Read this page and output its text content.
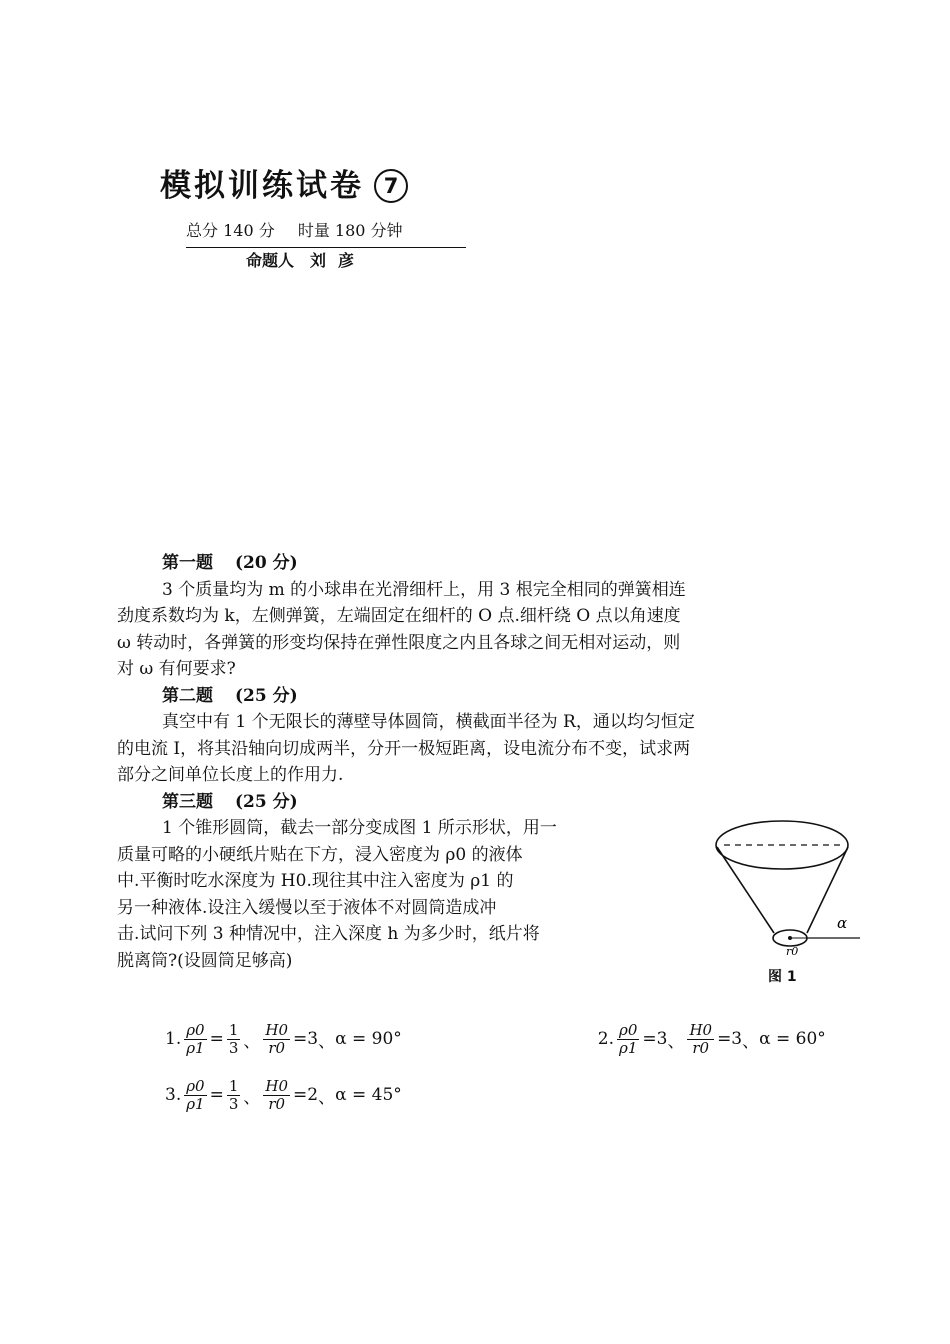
模拟训练试卷 7
总分 140 分 时量 180 分钟
命题人 刘彦

第一题 (20 分)

3 个质量均为 m 的小球串在光滑细杆上，用 3 根完全相同的弹簧相连

劲度系数均为 k，左侧弹簧，左端固定在细杆的 O 点.细杆绕 O 点以角速度

ω 转动时，各弹簧的形变均保持在弹性限度之内且各球之间无相对运动，则

对 ω 有何要求?

第二题 (25 分)

真空中有 1 个无限长的薄壁导体圆筒，横截面半径为 R，通以均匀恒定

的电流 I，将其沿轴向切成两半，分开一极短距离，设电流分布不变，试求两

部分之间单位长度上的作用力.

第三题 (25 分)

1 个锥形圆筒，截去一部分变成图 1 所示形状，用一

质量可略的小硬纸片贴在下方，浸入密度为 ρ0 的液体

中.平衡时吃水深度为 H0.现往其中注入密度为 ρ1 的

另一种液体.设注入缓慢以至于液体不对圆筒造成冲

击.试问下列 3 种情况中，注入深度 h 为多少时，纸片将

脱离筒?(设圆筒足够高)

α
r0
图 1
1. $\frac{\rho 0}{\rho 1} = \frac{1}{3}$ 、 $\frac{H0}{r0} =3$ 、 α = 90°	2. $\frac{\rho 0}{\rho 1} =3$ 、 $\frac{H0}{r0} =3$ 、 α = 60°
3. $\frac{\rho 0}{\rho 1} = \frac{1}{3}$ 、 $\frac{H0}{r0} =2$ 、 α = 45°
